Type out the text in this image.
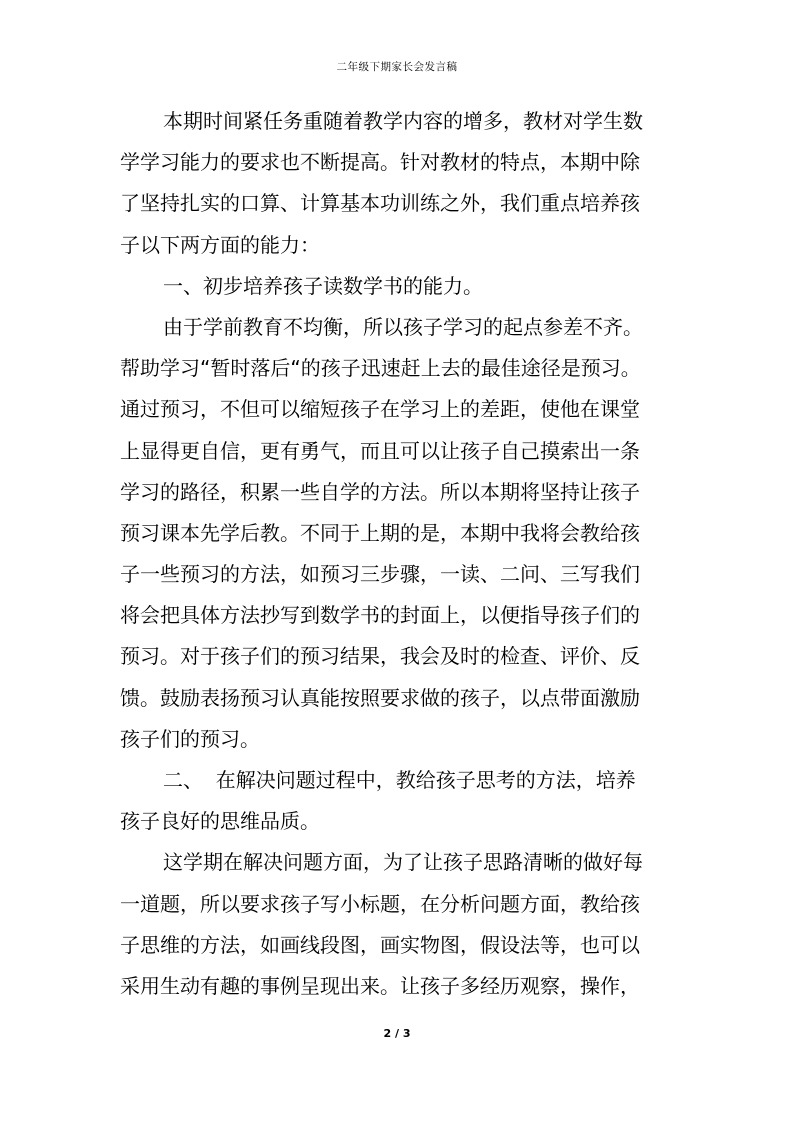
二年级下期家长会发言稿
本期时间紧任务重随着教学内容的增多，教材对学生数
学学习能力的要求也不断提高。针对教材的特点，本期中除
了坚持扎实的口算、计算基本功训练之外，我们重点培养孩
子以下两方面的能力：
一、初步培养孩子读数学书的能力。
由于学前教育不均衡，所以孩子学习的起点参差不齐。
帮助学习“暂时落后“的孩子迅速赶上去的最佳途径是预习。
通过预习，不但可以缩短孩子在学习上的差距，使他在课堂
上显得更自信，更有勇气，而且可以让孩子自己摸索出一条
学习的路径，积累一些自学的方法。所以本期将坚持让孩子
预习课本先学后教。不同于上期的是，本期中我将会教给孩
子一些预习的方法，如预习三步骤，一读、二问、三写我们
将会把具体方法抄写到数学书的封面上，以便指导孩子们的
预习。对于孩子们的预习结果，我会及时的检查、评价、反
馈。鼓励表扬预习认真能按照要求做的孩子，以点带面激励
孩子们的预习。
二、  在解决问题过程中，教给孩子思考的方法，培养
孩子良好的思维品质。
这学期在解决问题方面，为了让孩子思路清晰的做好每
一道题，所以要求孩子写小标题，在分析问题方面，教给孩
子思维的方法，如画线段图，画实物图，假设法等，也可以
采用生动有趣的事例呈现出来。让孩子多经历观察，操作，
2 / 3
